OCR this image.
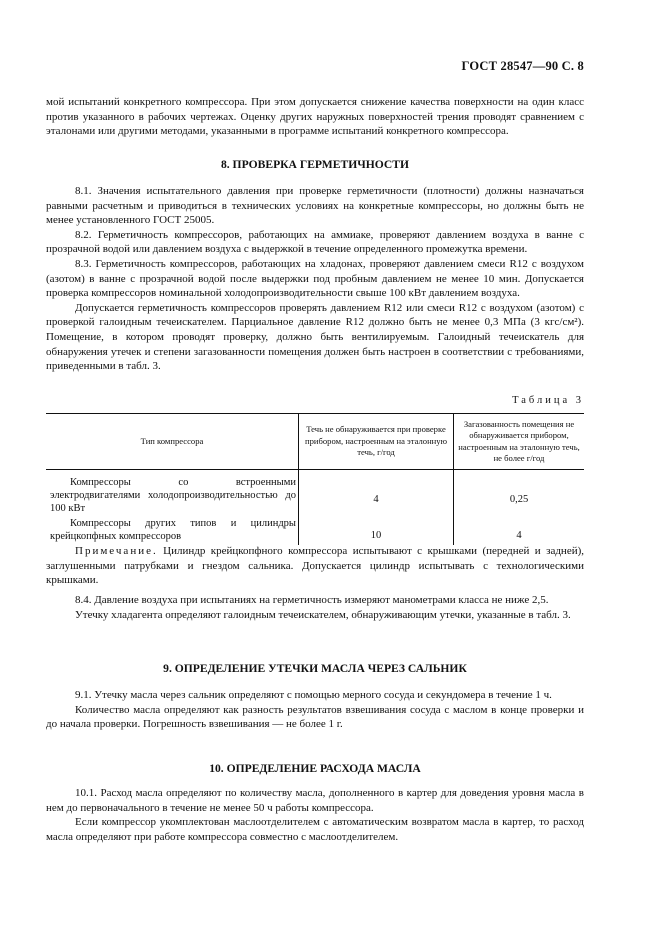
ГОСТ 28547—90 С. 8

мой испытаний конкретного компрессора. При этом допускается снижение качества поверхности на один класс против указанного в рабочих чертежах. Оценку других наружных поверхностей трения проводят сравнением с эталонами или другими методами, указанными в программе испытаний конкретного компрессора.

8. ПРОВЕРКА ГЕРМЕТИЧНОСТИ

8.1. Значения испытательного давления при проверке герметичности (плотности) должны назначаться равными расчетным и приводиться в технических условиях на конкретные компрессоры, но должны быть не менее установленного ГОСТ 25005.

8.2. Герметичность компрессоров, работающих на аммиаке, проверяют давлением воздуха в ванне с прозрачной водой или давлением воздуха с выдержкой в течение определенного промежутка времени.

8.3. Герметичность компрессоров, работающих на хладонах, проверяют давлением смеси R12 с воздухом (азотом) в ванне с прозрачной водой после выдержки под пробным давлением не менее 10 мин. Допускается проверка компрессоров номинальной холодопроизводительности свыше 100 кВт давлением воздуха.

Допускается герметичность компрессоров проверять давлением R12 или смеси R12 с воздухом (азотом) с проверкой галоидным течеискателем. Парциальное давление R12 должно быть не менее 0,3 МПа (3 кгс/см²). Помещение, в котором проводят проверку, должно быть вентилируемым. Галоидный течеискатель для обнаружения утечек и степени загазованности помещения должен быть настроен в соответствии с требованиями, приведенными в табл. 3.

Таблица 3
Тип компрессора	Течь не обнаруживается при проверке прибором, настроенным на эталонную течь, г/год	Загазованность помещения не обнаруживается прибором, настроенным на эталонную течь, не более г/год
Компрессоры со встроенными электродвигателями холодопроизводительностью до 100 кВт	4	0,25
Компрессоры других типов и цилиндры крейцкопфных компрессоров	10	4

Примечание. Цилиндр крейцкопфного компрессора испытывают с крышками (передней и задней), заглушенными патрубками и гнездом сальника. Допускается цилиндр испытывать с технологическими крышками.

8.4. Давление воздуха при испытаниях на герметичность измеряют манометрами класса не ниже 2,5.

Утечку хладагента определяют галоидным течеискателем, обнаруживающим утечки, указанные в табл. 3.

9. ОПРЕДЕЛЕНИЕ УТЕЧКИ МАСЛА ЧЕРЕЗ САЛЬНИК

9.1. Утечку масла через сальник определяют с помощью мерного сосуда и секундомера в течение 1 ч.

Количество масла определяют как разность результатов взвешивания сосуда с маслом в конце проверки и до начала проверки. Погрешность взвешивания — не более 1 г.

10. ОПРЕДЕЛЕНИЕ РАСХОДА МАСЛА

10.1. Расход масла определяют по количеству масла, дополненного в картер для доведения уровня масла в нем до первоначального в течение не менее 50 ч работы компрессора.

Если компрессор укомплектован маслоотделителем с автоматическим возвратом масла в картер, то расход масла определяют при работе компрессора совместно с маслоотделителем.
